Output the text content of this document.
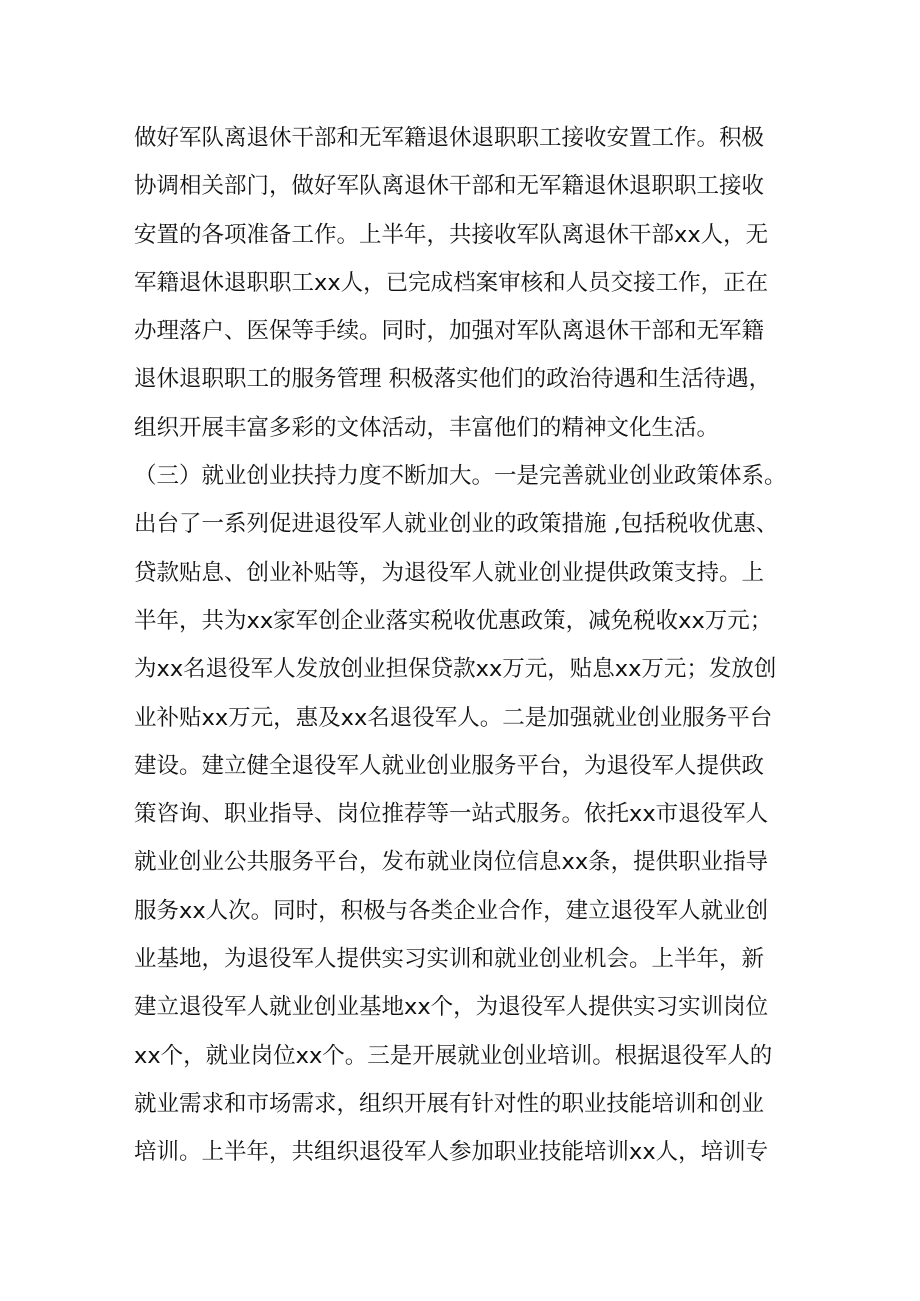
做好军队离退休干部和无军籍退休退职职工接收安置工作。积极
协调相关部门，做好军队离退休干部和无军籍退休退职职工接收
安置的各项准备工作。上半年，共接收军队离退休干部xx人，无
军籍退休退职职工xx人，已完成档案审核和人员交接工作，正在
办理落户、医保等手续。同时，加强对军队离退休干部和无军籍
退休退职职工的服务管理 积极落实他们的政治待遇和生活待遇，
组织开展丰富多彩的文体活动，丰富他们的精神文化生活。
（三）就业创业扶持力度不断加大。一是完善就业创业政策体系。
出台了一系列促进退役军人就业创业的政策措施 ,包括税收优惠、
贷款贴息、创业补贴等，为退役军人就业创业提供政策支持。上
半年，共为xx家军创企业落实税收优惠政策，减免税收xx万元；
为xx名退役军人发放创业担保贷款xx万元，贴息xx万元；发放创
业补贴xx万元，惠及xx名退役军人。二是加强就业创业服务平台
建设。建立健全退役军人就业创业服务平台，为退役军人提供政
策咨询、职业指导、岗位推荐等一站式服务。依托xx市退役军人
就业创业公共服务平台，发布就业岗位信息xx条，提供职业指导
服务xx人次。同时，积极与各类企业合作，建立退役军人就业创
业基地，为退役军人提供实习实训和就业创业机会。上半年，新
建立退役军人就业创业基地xx个，为退役军人提供实习实训岗位
xx个，就业岗位xx个。三是开展就业创业培训。根据退役军人的
就业需求和市场需求，组织开展有针对性的职业技能培训和创业
培训。上半年，共组织退役军人参加职业技能培训xx人，培训专
